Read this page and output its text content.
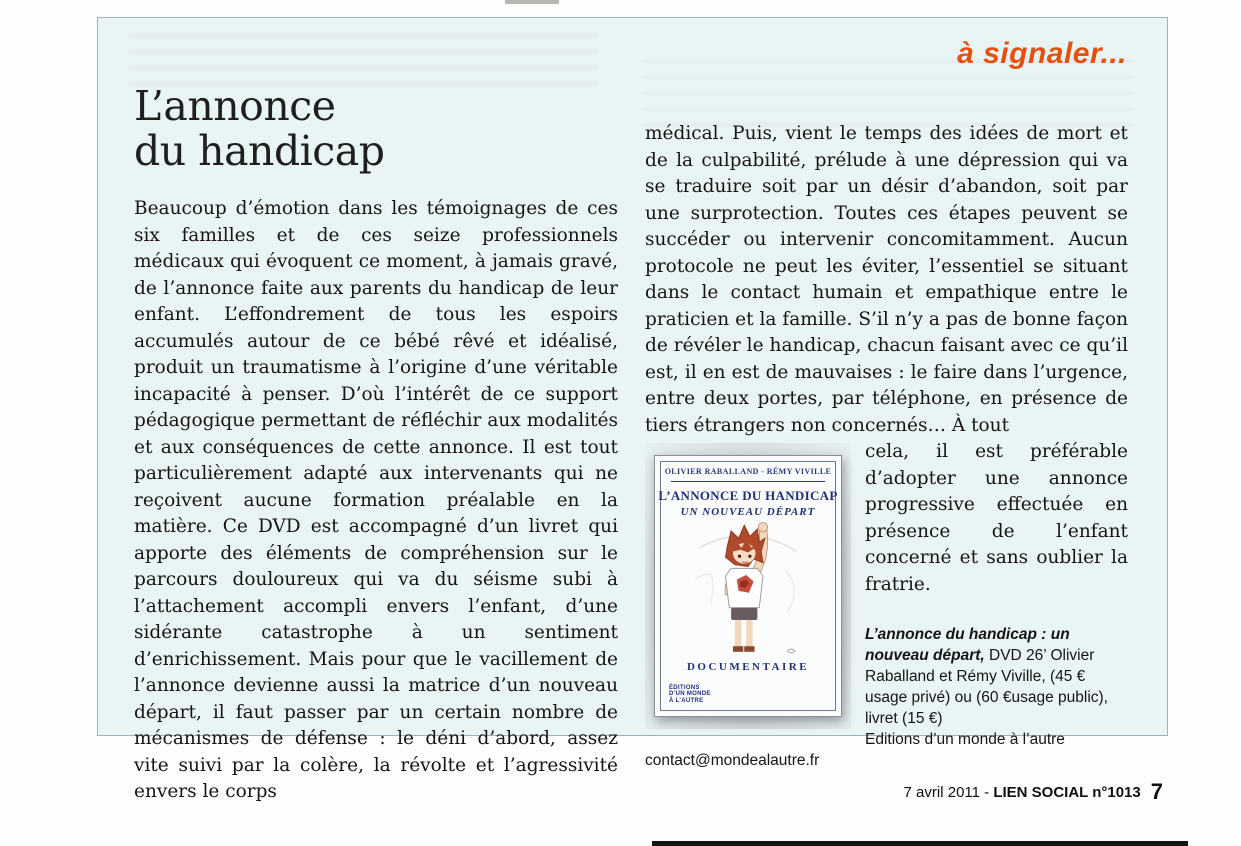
à signaler...
L’annonce
du handicap

Beaucoup d’émotion dans les témoignages de ces six familles et de ces seize professionnels médicaux qui évoquent ce moment, à jamais gravé, de l’annonce faite aux parents du handicap de leur enfant. L’effondrement de tous les espoirs accumulés autour de ce bébé rêvé et idéalisé, produit un traumatisme à l’origine d’une véritable incapacité à penser. D’où l’intérêt de ce support pédagogique permettant de réfléchir aux modalités et aux conséquences de cette annonce. Il est tout particulièrement adapté aux intervenants qui ne reçoivent aucune formation préalable en la matière. Ce DVD est accompagné d’un livret qui apporte des éléments de compréhension sur le parcours douloureux qui va du séisme subi à l’attachement accompli envers l’enfant, d’une sidérante catastrophe à un sentiment d’enrichissement. Mais pour que le vacillement de l’annonce devienne aussi la matrice d’un nouveau départ, il faut passer par un certain nombre de mécanismes de défense : le déni d’abord, assez vite suivi par la colère, la révolte et l’agressivité envers le corps

médical. Puis, vient le temps des idées de mort et de la culpabilité, prélude à une dépression qui va se traduire soit par un désir d’abandon, soit par une surprotection. Toutes ces étapes peuvent se succéder ou intervenir concomitamment. Aucun protocole ne peut les éviter, l’essentiel se situant dans le contact humain et empathique entre le praticien et la famille. S’il n’y a pas de bonne façon de révéler le handicap, chacun faisant avec ce qu’il est, il en est de mauvaises : le faire dans l’urgence, entre deux portes, par téléphone, en présence de tiers étrangers non concernés… À tout

OLIVIER RABALLAND - RÉMY VIVILLE
L’ANNONCE DU HANDICAP
UN NOUVEAU DÉPART
DOCUMENTAIRE
ÉDITIONS
D’UN MONDE
À L’AUTRE

cela, il est préférable d’adopter une annonce progressive effectuée en présence de l’enfant concerné et sans oublier la fratrie.

L’annonce du handicap : un nouveau départ, DVD 26’ Olivier Raballand et Rémy Viville, (45 € usage privé) ou (60 €usage public), livret (15 €)
Editions d’un monde à l’autre
contact@mondealautre.fr
7 avril 2011 - LIEN SOCIAL n°1013 7
